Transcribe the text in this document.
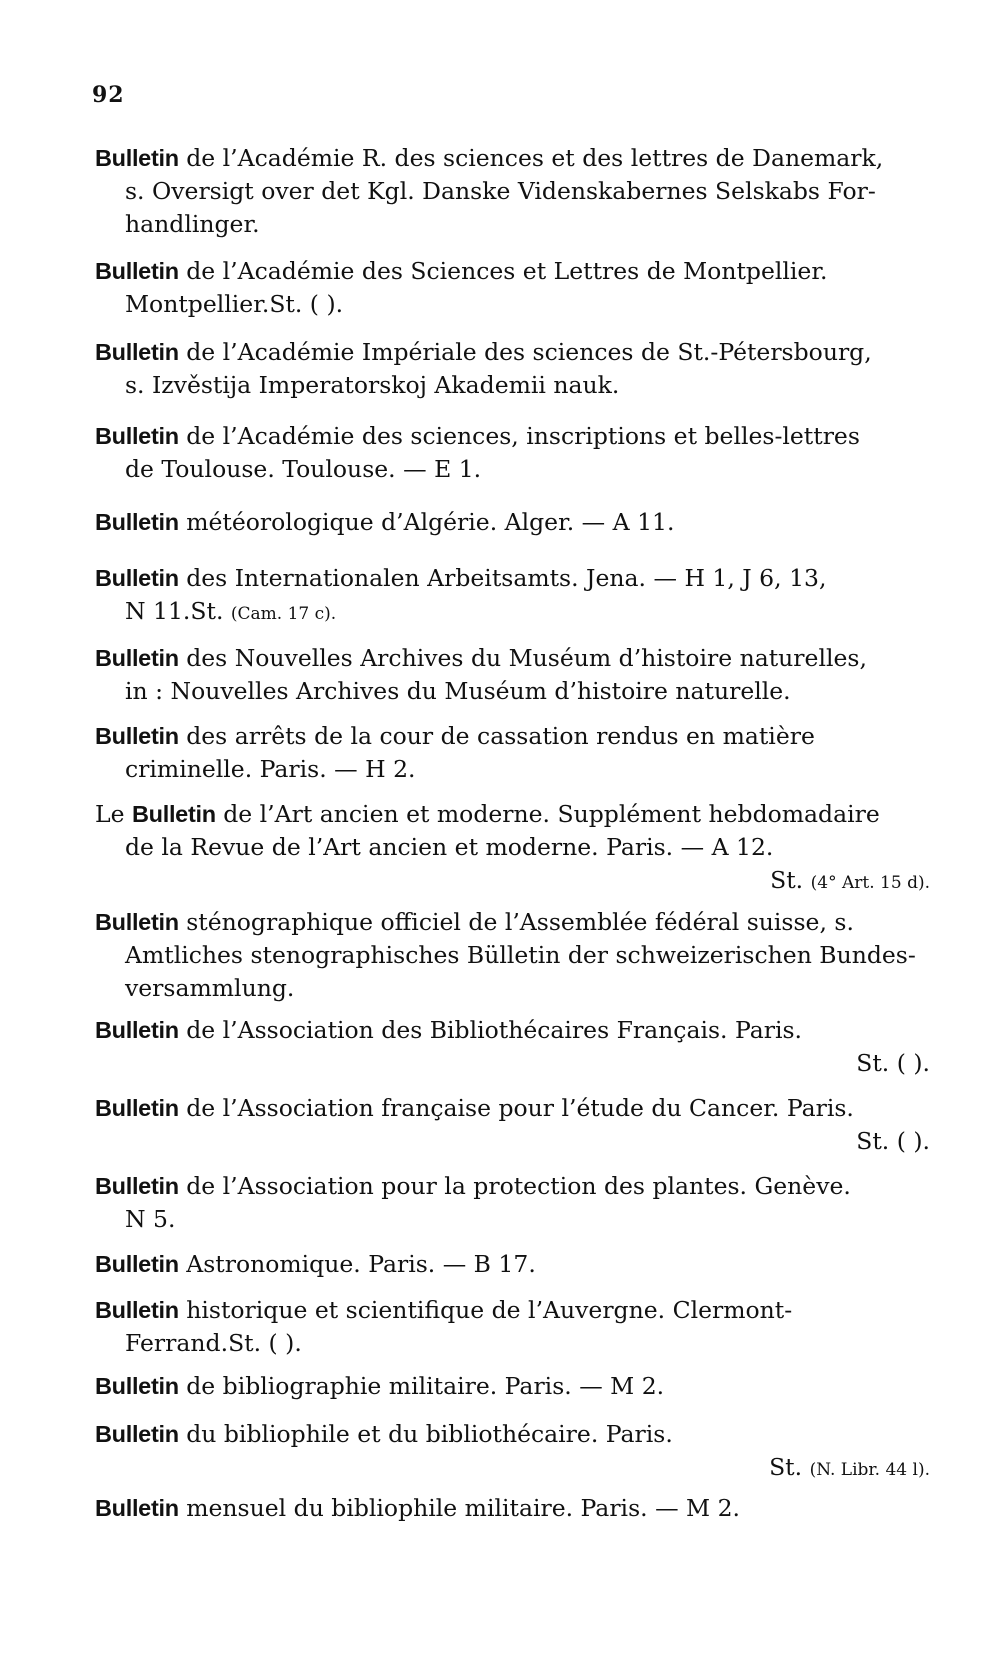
92
Bulletin de l’Académie R. des sciences et des lettres de Danemark,
s. Oversigt over det Kgl. Danske Videnskabernes Selskabs For-
handlinger.
Bulletin de l’Académie des Sciences et Lettres de Montpellier.
Montpellier.St. ( ).
Bulletin de l’Académie Impériale des sciences de St.-Pétersbourg,
s. Izvěstija Imperatorskoj Akademii nauk.
Bulletin de l’Académie des sciences, inscriptions et belles-lettres
de Toulouse. Toulouse. — E 1.
Bulletin météorologique d’Algérie. Alger. — A 11.
Bulletin des Internationalen Arbeitsamts. Jena. — H 1, J 6, 13,
N 11.St. (Cam. 17 c).
Bulletin des Nouvelles Archives du Muséum d’histoire naturelles,
in : Nouvelles Archives du Muséum d’histoire naturelle.
Bulletin des arrêts de la cour de cassation rendus en matière
criminelle. Paris. — H 2.
Le Bulletin de l’Art ancien et moderne. Supplément hebdomadaire
de la Revue de l’Art ancien et moderne. Paris. — A 12.
St. (4° Art. 15 d).
Bulletin sténographique officiel de l’Assemblée fédéral suisse, s.
Amtliches stenographisches Bülletin der schweizerischen Bundes-
versammlung.
Bulletin de l’Association des Bibliothécaires Français. Paris.
St. ( ).
Bulletin de l’Association française pour l’étude du Cancer. Paris.
St. ( ).
Bulletin de l’Association pour la protection des plantes. Genève.
N 5.
Bulletin Astronomique. Paris. — B 17.
Bulletin historique et scientifique de l’Auvergne. Clermont-
Ferrand.St. ( ).
Bulletin de bibliographie militaire. Paris. — M 2.
Bulletin du bibliophile et du bibliothécaire. Paris.
St. (N. Libr. 44 l).
Bulletin mensuel du bibliophile militaire. Paris. — M 2.
